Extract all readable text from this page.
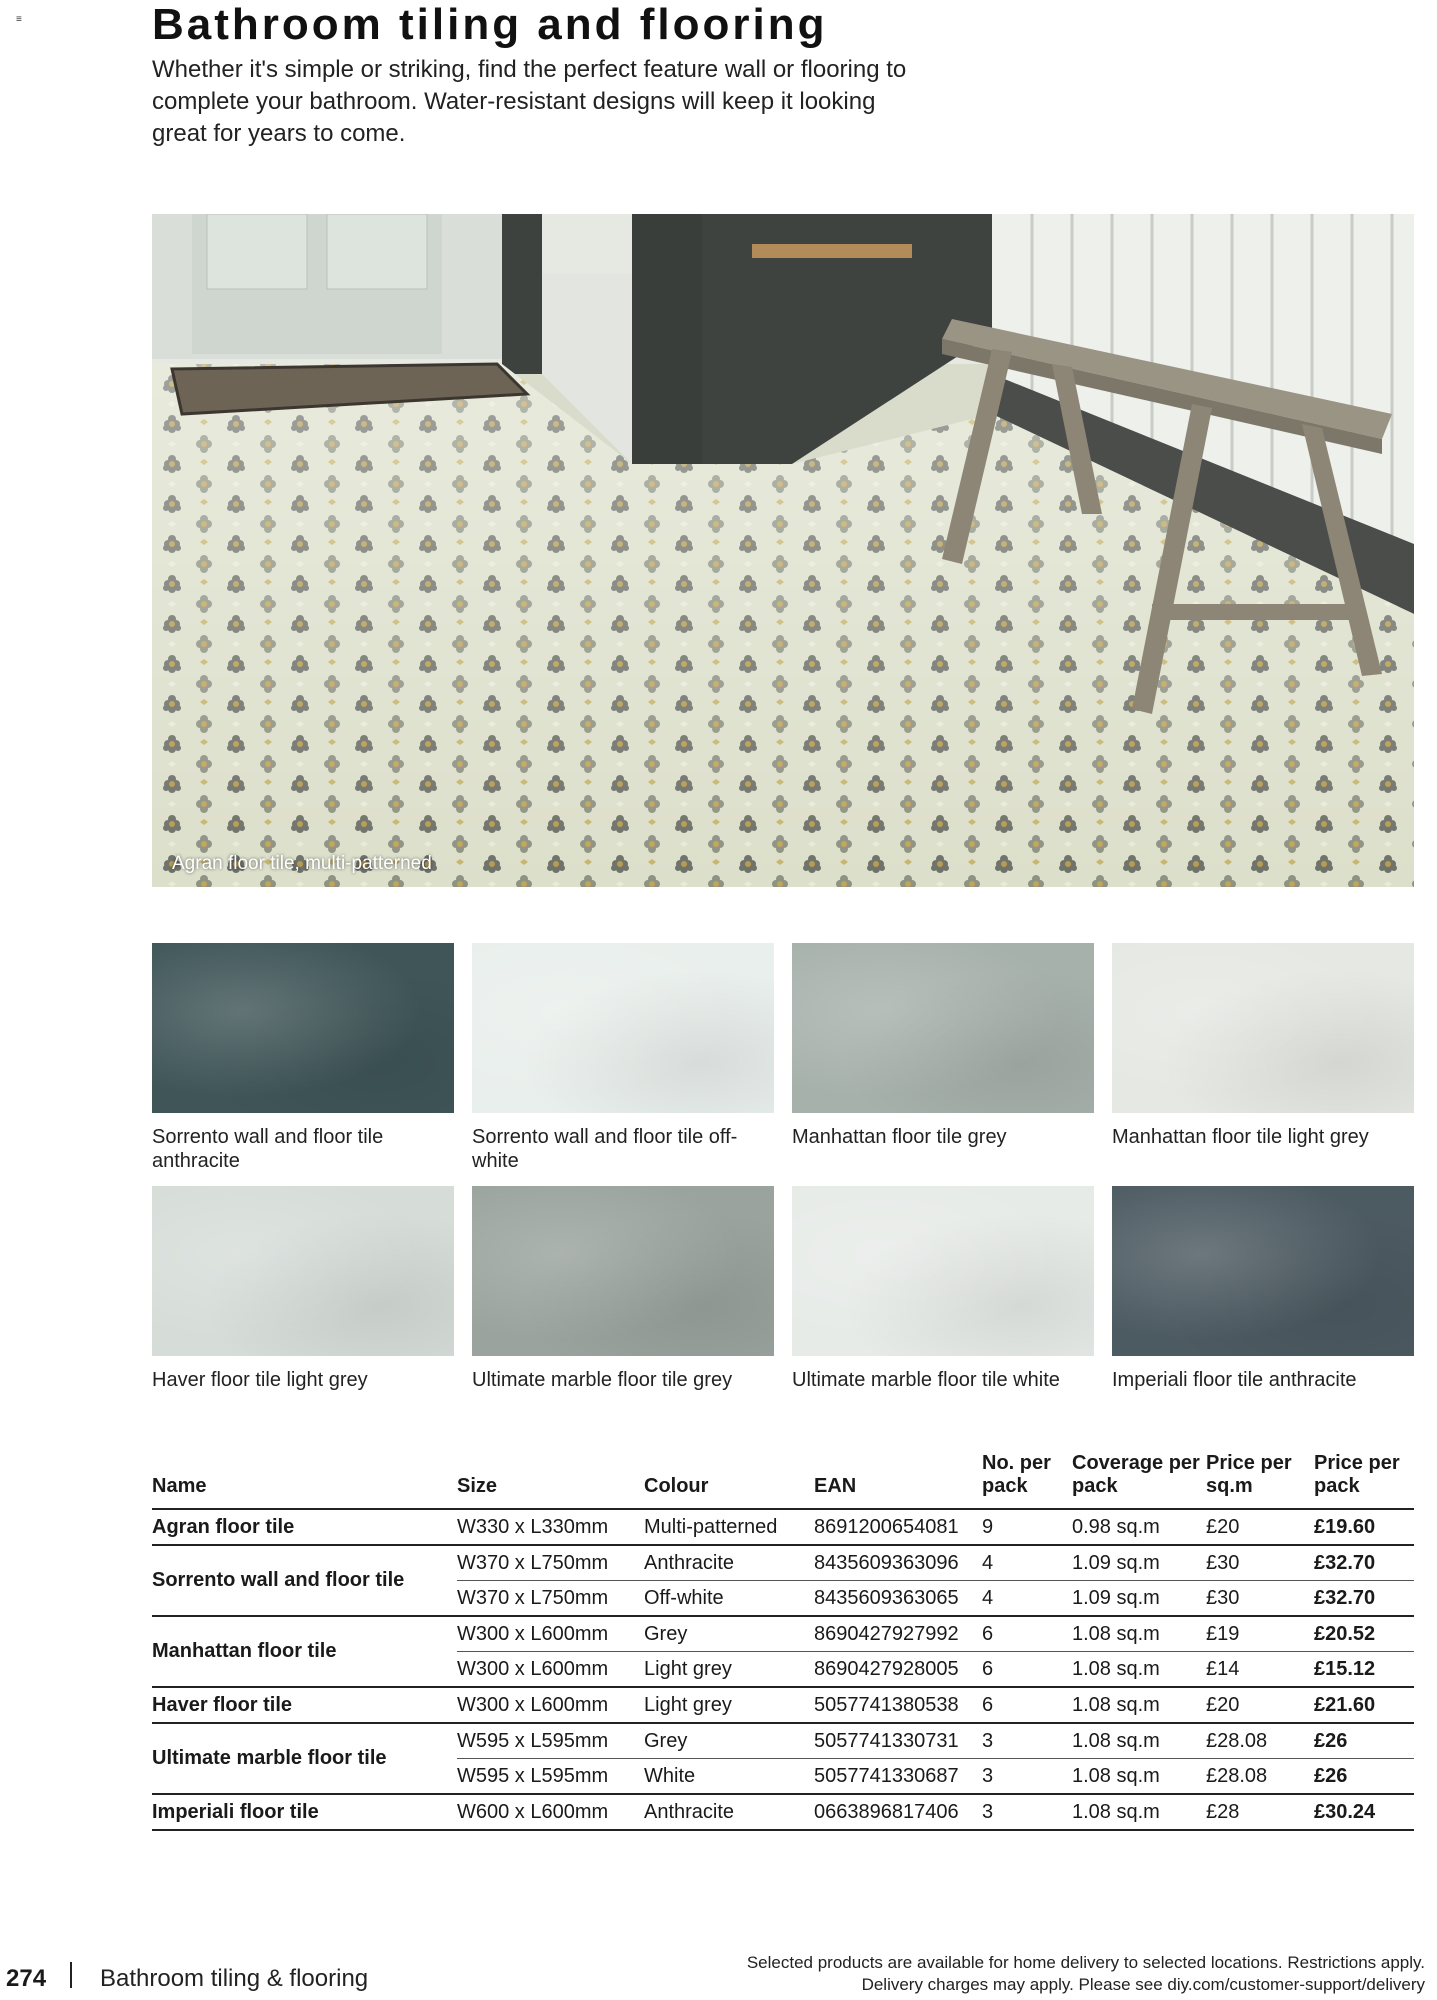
≡	Bathroom tiling and flooring

Whether it's simple or striking, find the perfect feature wall or flooring to complete your bathroom. Water-resistant designs will keep it looking great for years to come.

Agran floor tile, multi-patterned
Sorrento wall and floor tile anthracite
Sorrento wall and floor tile off-white
Manhattan floor tile grey	Manhattan floor tile light grey
Haver floor tile light grey	Ultimate marble floor tile grey	Ultimate marble floor tile white	Imperiali floor tile anthracite
Name	Size	Colour	EAN	No. per pack	Coverage per pack	Price per sq.m	Price per pack
Agran floor tile	W330 x L330mm	Multi-patterned	8691200654081	9	0.98 sq.m	£20	£19.60
Sorrento wall and floor tile	W370 x L750mm	Anthracite	8435609363096	4	1.09 sq.m	£30	£32.70
	W370 x L750mm	Off-white	8435609363065	4	1.09 sq.m	£30	£32.70
Manhattan floor tile	W300 x L600mm	Grey	8690427927992	6	1.08 sq.m	£19	£20.52
	W300 x L600mm	Light grey	8690427928005	6	1.08 sq.m	£14	£15.12
Haver floor tile	W300 x L600mm	Light grey	5057741380538	6	1.08 sq.m	£20	£21.60
Ultimate marble floor tile	W595 x L595mm	Grey	5057741330731	3	1.08 sq.m	£28.08	£26
	W595 x L595mm	White	5057741330687	3	1.08 sq.m	£28.08	£26
Imperiali floor tile	W600 x L600mm	Anthracite	0663896817406	3	1.08 sq.m	£28	£30.24
274 Bathroom tiling & flooring
Selected products are available for home delivery to selected locations. Restrictions apply.
Delivery charges may apply. Please see diy.com/customer-support/delivery
